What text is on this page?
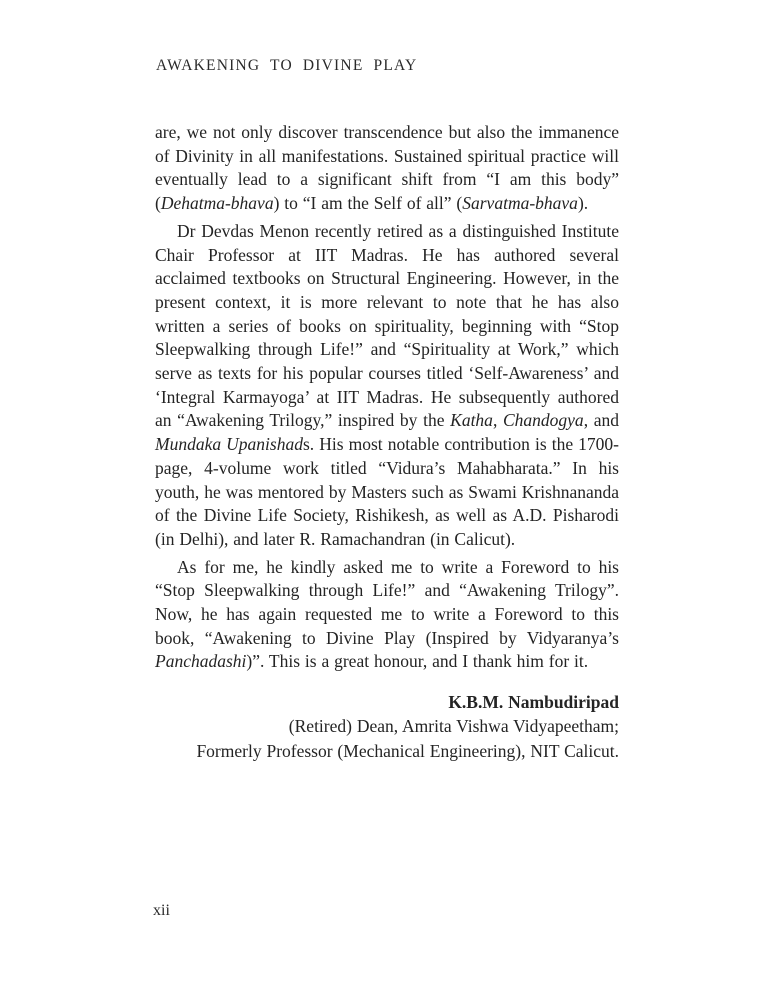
AWAKENING TO DIVINE PLAY

are, we not only discover transcendence but also the immanence of Divinity in all manifestations. Sustained spiritual practice will eventually lead to a significant shift from “I am this body” (Dehatma-bhava) to “I am the Self of all” (Sarvatma-bhava).

Dr Devdas Menon recently retired as a distinguished Institute Chair Professor at IIT Madras. He has authored several acclaimed textbooks on Structural Engineering. However, in the present context, it is more relevant to note that he has also written a series of books on spirituality, beginning with “Stop Sleepwalking through Life!” and “Spirituality at Work,” which serve as texts for his popular courses titled ‘Self-Awareness’ and ‘Integral Karmayoga’ at IIT Madras. He subsequently authored an “Awakening Trilogy,” inspired by the Katha, Chandogya, and Mundaka Upanishads. His most notable contribution is the 1700-page, 4-volume work titled “Vidura’s Mahabharata.” In his youth, he was mentored by Masters such as Swami Krishnananda of the Divine Life Society, Rishikesh, as well as A.D. Pisharodi (in Delhi), and later R. Ramachandran (in Calicut).

As for me, he kindly asked me to write a Foreword to his “Stop Sleepwalking through Life!” and “Awakening Trilogy”. Now, he has again requested me to write a Foreword to this book, “Awakening to Divine Play (Inspired by Vidyaranya’s Panchadashi)”. This is a great honour, and I thank him for it.

K.B.M. Nambudiripad
(Retired) Dean, Amrita Vishwa Vidyapeetham;
Formerly Professor (Mechanical Engineering), NIT Calicut.
xii
